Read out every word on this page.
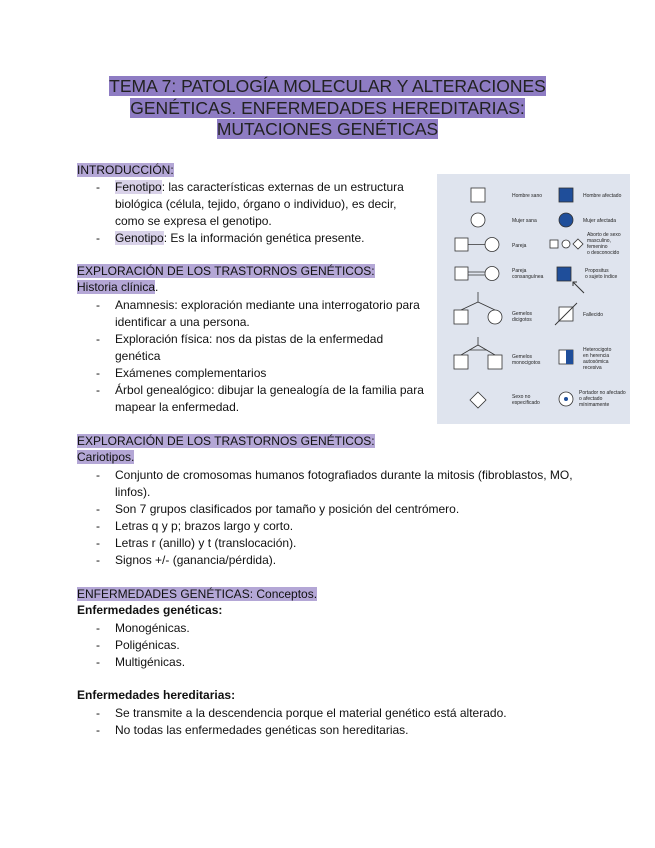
TEMA 7: PATOLOGÍA MOLECULAR Y ALTERACIONES
GENÉTICAS. ENFERMEDADES HEREDITARIAS:
MUTACIONES GENÉTICAS
INTRODUCCIÓN:
- Fenotipo: las características externas de un estructura biológica (célula, tejido, órgano o individuo), es decir, como se expresa el genotipo.
- Genotipo: Es la información genética presente.
EXPLORACIÓN DE LOS TRASTORNOS GENÉTICOS:
Historia clínica.
- Anamnesis: exploración mediante una interrogatorio para identificar a una persona.
- Exploración física: nos da pistas de la enfermedad genética
- Exámenes complementarios
- Árbol genealógico: dibujar la genealogía de la familia para mapear la enfermedad.
Hombre sano	Hombre afectado
Mujer sana	Mujer afectada
Pareja
Aborto de sexo
masculino,
femenino
o desconocido
Pareja
consanguínea
Propositus
o sujeto índice
Gemelos
dicigotos
Fallecido
Gemelos
monocigotos
Heterocigoto
en herencia
autosómica
recesiva
Sexo no
especificado
Portador no afectado
o afectado
mínimamente
EXPLORACIÓN DE LOS TRASTORNOS GENÉTICOS:
Cariotipos.
- Conjunto de cromosomas humanos fotografiados durante la mitosis (fibroblastos, MO, linfos).
- Son 7 grupos clasificados por tamaño y posición del centrómero.
- Letras q y p; brazos largo y corto.
- Letras r (anillo) y t (translocación).
- Signos +/- (ganancia/pérdida).
ENFERMEDADES GENÉTICAS: Conceptos.
Enfermedades genéticas:
- Monogénicas.
- Poligénicas.
- Multigénicas.
Enfermedades hereditarias:
- Se transmite a la descendencia porque el material genético está alterado.
- No todas las enfermedades genéticas son hereditarias.
